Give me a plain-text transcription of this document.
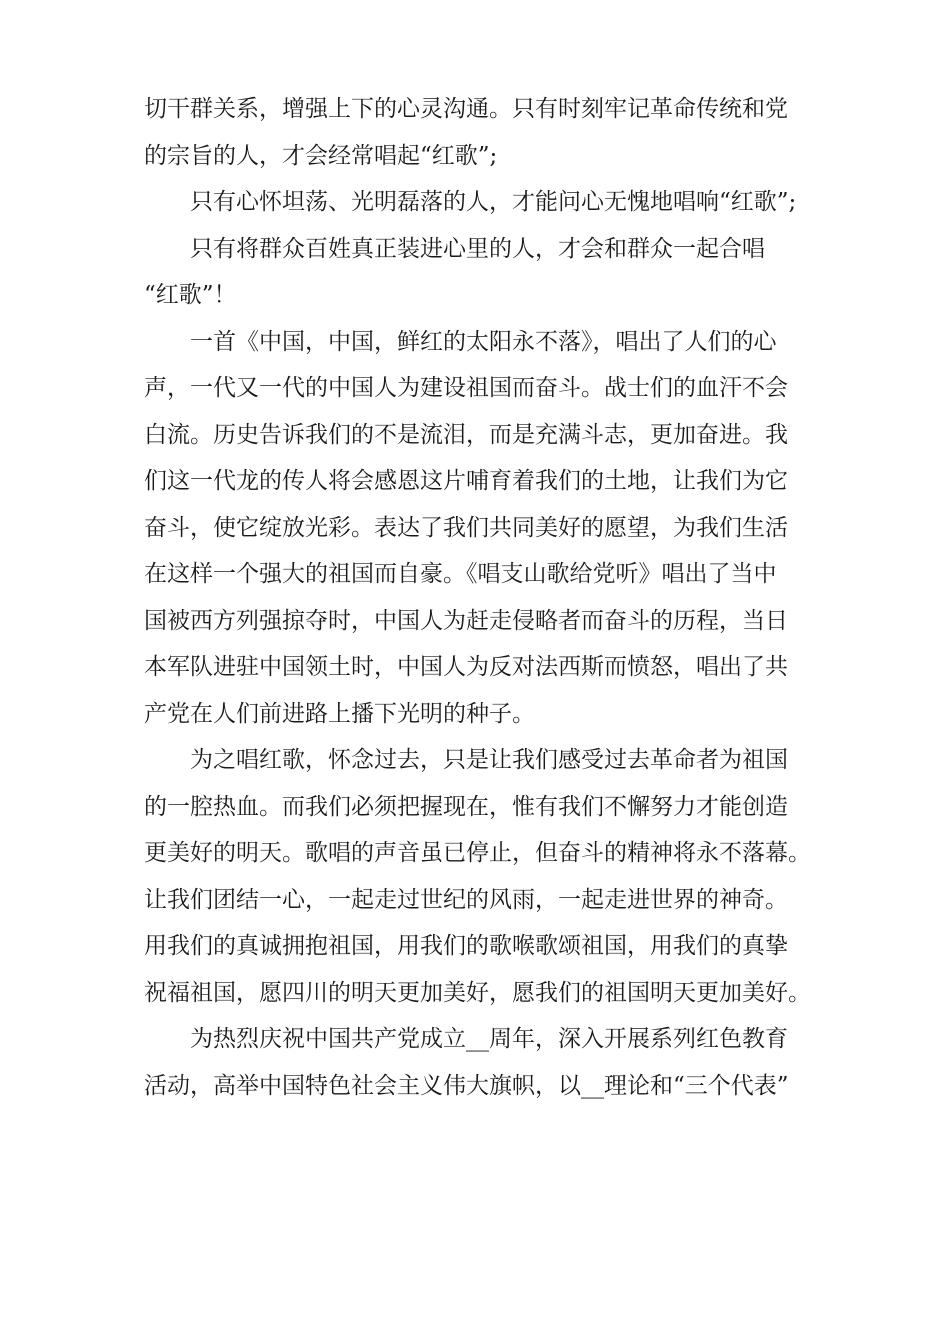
切干群关系，增强上下的心灵沟通。只有时刻牢记革命传统和党
的宗旨的人，才会经常唱起“红歌”;
只有心怀坦荡、光明磊落的人，才能问心无愧地唱响“红歌”;
只有将群众百姓真正装进心里的人，才会和群众一起合唱
“红歌”！
一首《中国，中国，鲜红的太阳永不落》，唱出了人们的心
声，一代又一代的中国人为建设祖国而奋斗。战士们的血汗不会
白流。历史告诉我们的不是流泪，而是充满斗志，更加奋进。我
们这一代龙的传人将会感恩这片哺育着我们的土地，让我们为它
奋斗，使它绽放光彩。表达了我们共同美好的愿望，为我们生活
在这样一个强大的祖国而自豪。《唱支山歌给党听》唱出了当中
国被西方列强掠夺时，中国人为赶走侵略者而奋斗的历程，当日
本军队进驻中国领土时，中国人为反对法西斯而愤怒，唱出了共
产党在人们前进路上播下光明的种子。
为之唱红歌，怀念过去，只是让我们感受过去革命者为祖国
的一腔热血。而我们必须把握现在，惟有我们不懈努力才能创造
更美好的明天。歌唱的声音虽已停止，但奋斗的精神将永不落幕。
让我们团结一心，一起走过世纪的风雨，一起走进世界的神奇。
用我们的真诚拥抱祖国，用我们的歌喉歌颂祖国，用我们的真挚
祝福祖国，愿四川的明天更加美好，愿我们的祖国明天更加美好。
为热烈庆祝中国共产党成立__周年，深入开展系列红色教育
活动，高举中国特色社会主义伟大旗帜，以__理论和“三个代表”
